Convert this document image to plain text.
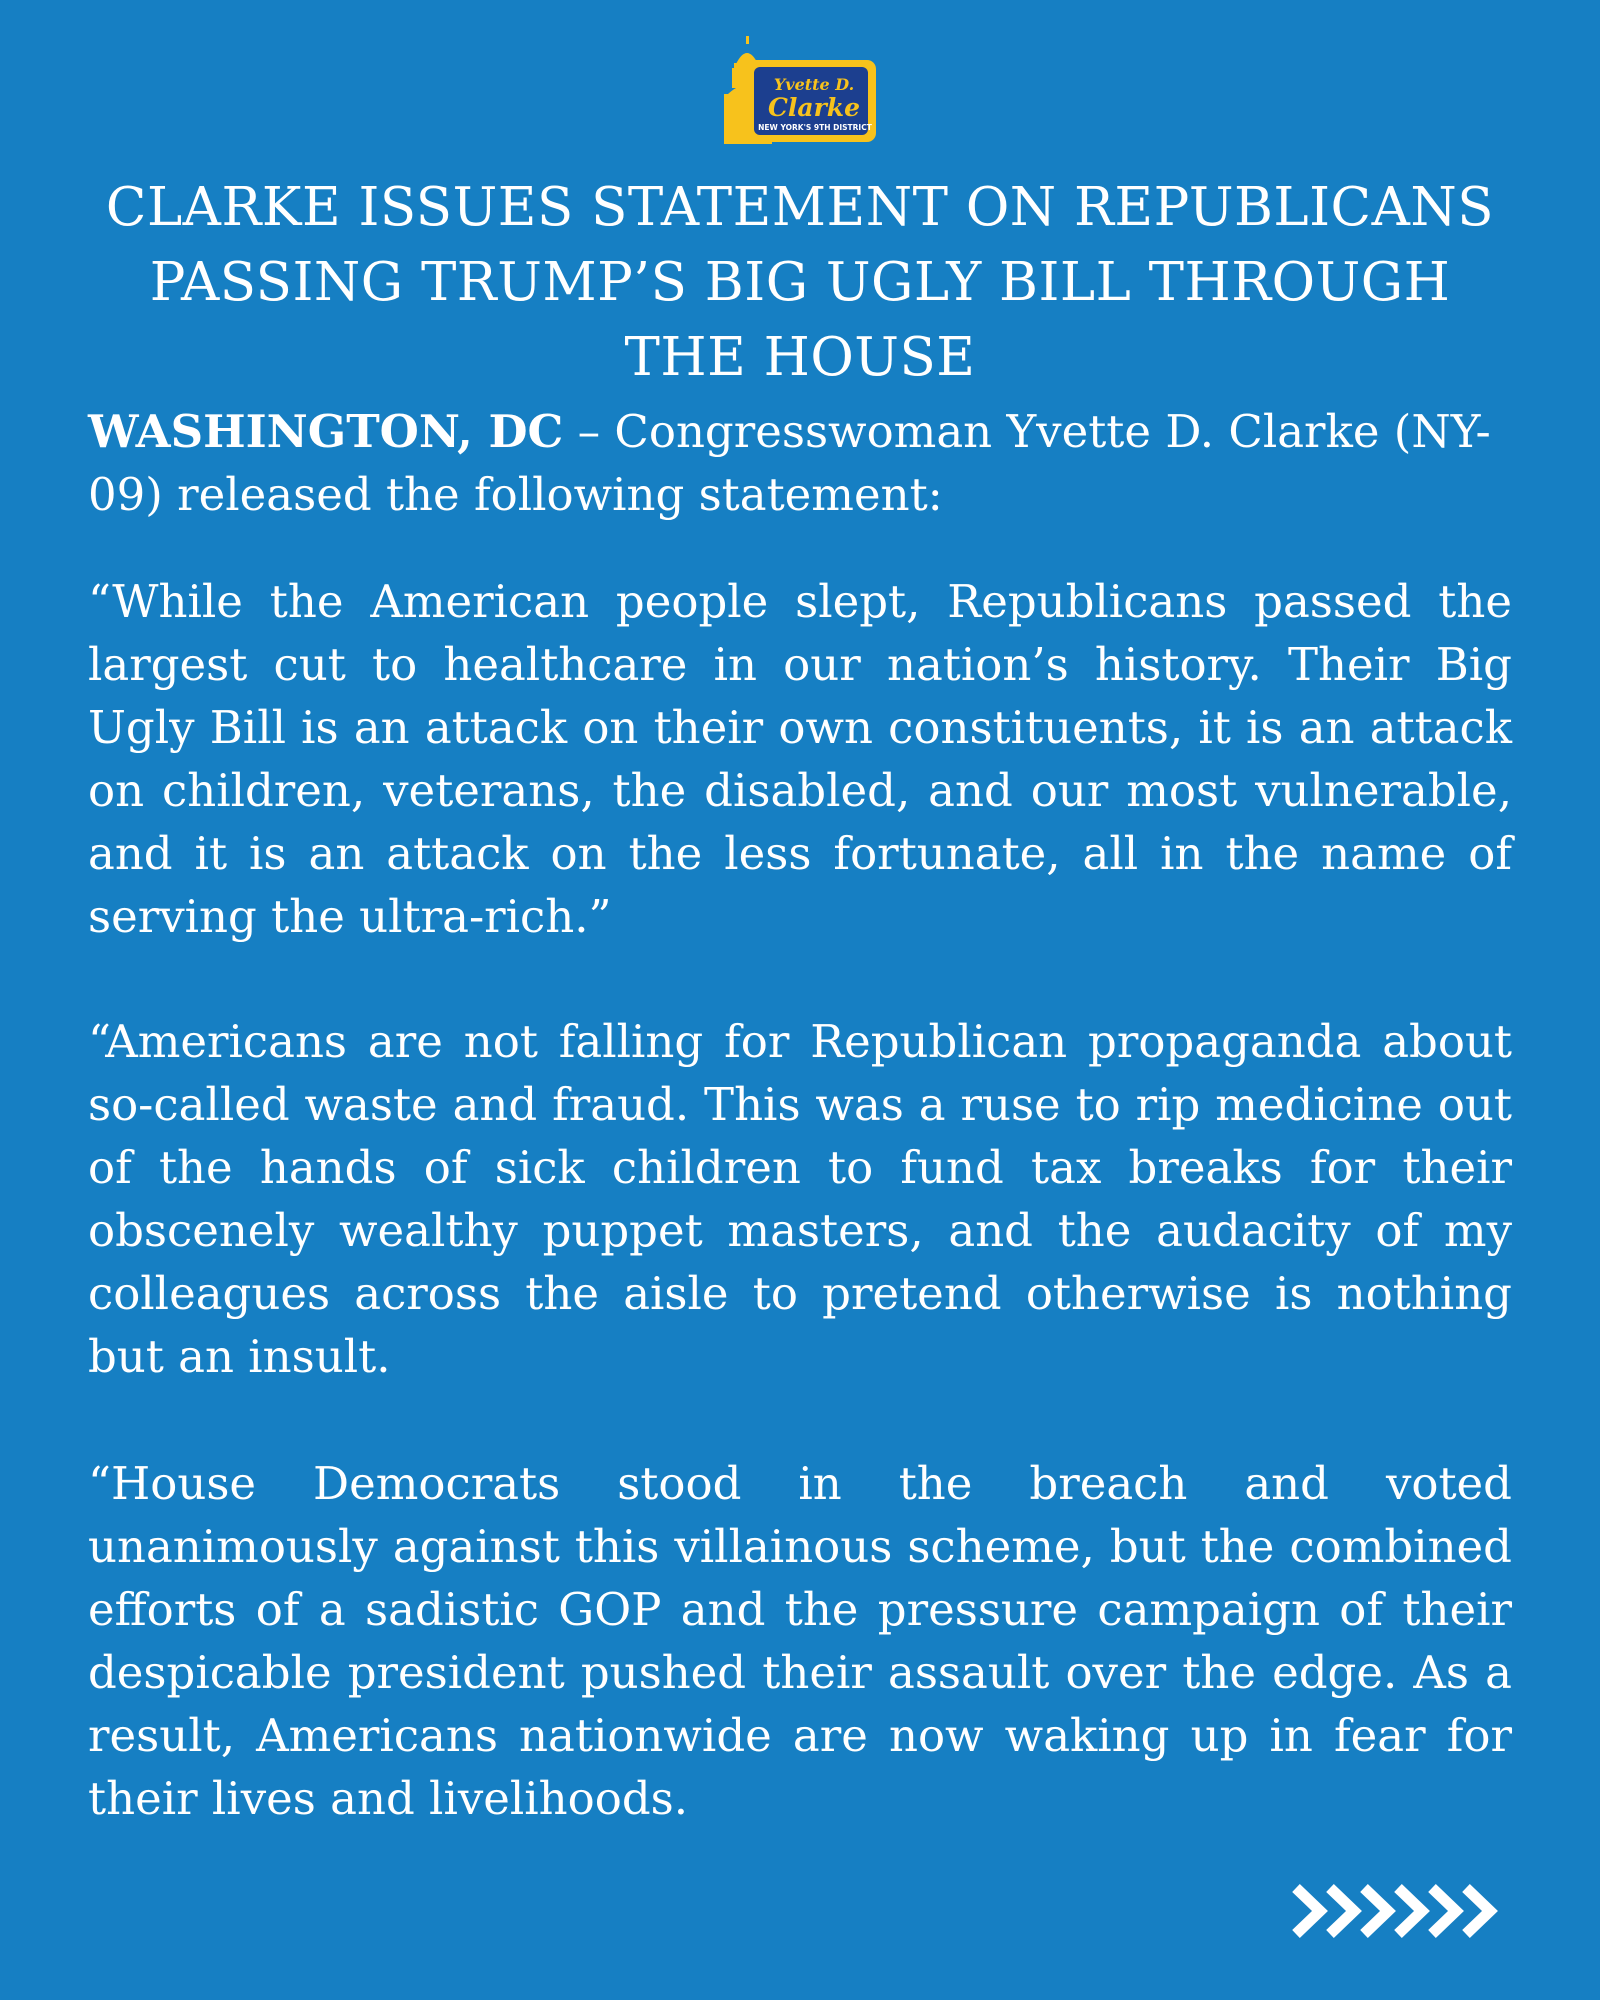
Yvette D.
Clarke
NEW YORK'S 9TH DISTRICT
CLARKE ISSUES STATEMENT ON REPUBLICANS PASSING TRUMP’S BIG UGLY BILL THROUGH THE HOUSE

WASHINGTON, DC – Congresswoman Yvette D. Clarke (NY-09) released the following statement:

“While the American people slept, Republicans passed the largest cut to healthcare in our nation’s history. Their Big Ugly Bill is an attack on their own constituents, it is an attack on children, veterans, the disabled, and our most vulnerable, and it is an attack on the less fortunate, all in the name of serving the ultra-rich.”

“Americans are not falling for Republican propaganda about so-called waste and fraud. This was a ruse to rip medicine out of the hands of sick children to fund tax breaks for their obscenely wealthy puppet masters, and the audacity of my colleagues across the aisle to pretend otherwise is nothing but an insult.

“House Democrats stood in the breach and voted unanimously against this villainous scheme, but the combined efforts of a sadistic GOP and the pressure campaign of their despicable president pushed their assault over the edge. As a result, Americans nationwide are now waking up in fear for their lives and livelihoods.
